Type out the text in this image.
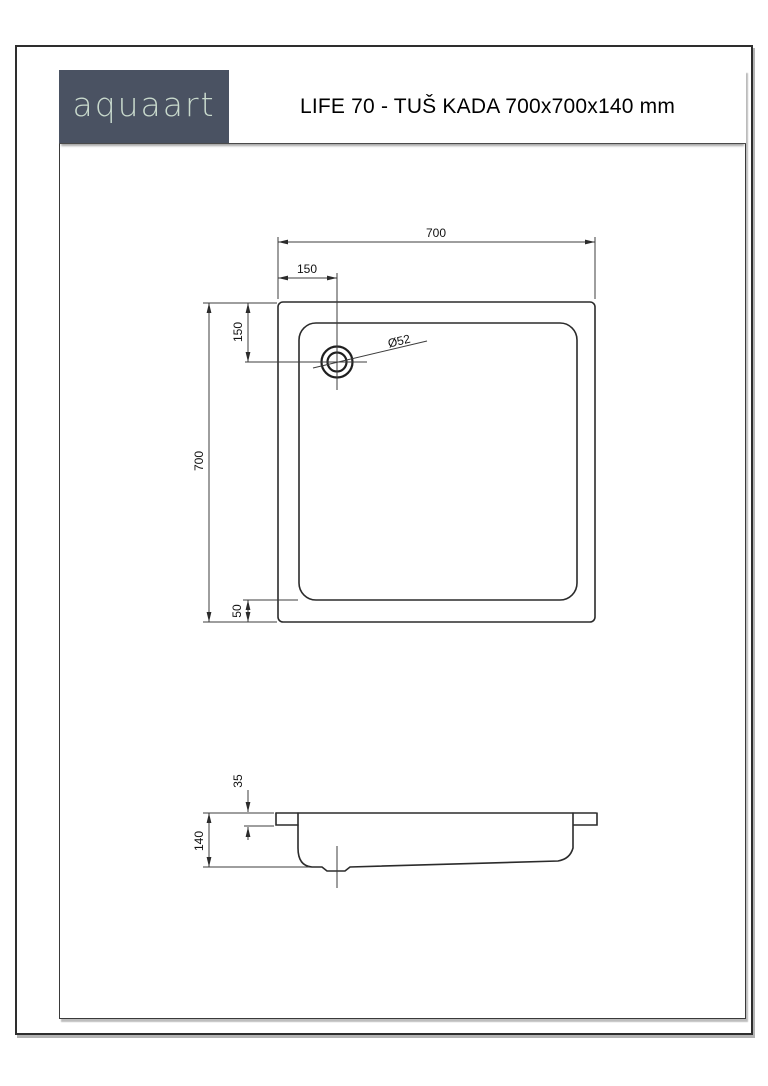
aquaart	LIFE 70 - TUŠ KADA 700x700x140 mm
Ø52
700
150
150
700
50
35
140
